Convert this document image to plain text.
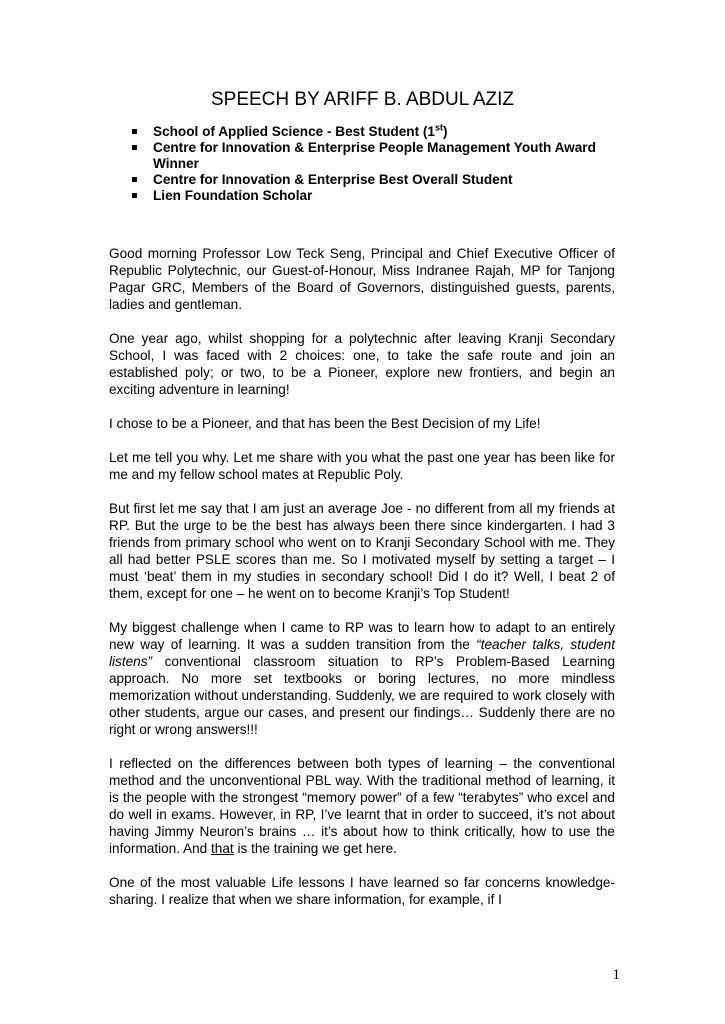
SPEECH BY ARIFF B. ABDUL AZIZ
School of Applied Science - Best Student (1st)
Centre for Innovation & Enterprise People Management Youth Award Winner
Centre for Innovation & Enterprise Best Overall Student
Lien Foundation Scholar

Good morning Professor Low Teck Seng, Principal and Chief Executive Officer of Republic Polytechnic, our Guest-of-Honour, Miss Indranee Rajah, MP for Tanjong Pagar GRC, Members of the Board of Governors, distinguished guests, parents, ladies and gentleman.

One year ago, whilst shopping for a polytechnic after leaving Kranji Secondary School, I was faced with 2 choices: one, to take the safe route and join an established poly; or two, to be a Pioneer, explore new frontiers, and begin an exciting adventure in learning!

I chose to be a Pioneer, and that has been the Best Decision of my Life!

Let me tell you why. Let me share with you what the past one year has been like for me and my fellow school mates at Republic Poly.

But first let me say that I am just an average Joe - no different from all my friends at RP. But the urge to be the best has always been there since kindergarten. I had 3 friends from primary school who went on to Kranji Secondary School with me. They all had better PSLE scores than me. So I motivated myself by setting a target – I must ‘beat’ them in my studies in secondary school! Did I do it? Well, I beat 2 of them, except for one – he went on to become Kranji’s Top Student!

My biggest challenge when I came to RP was to learn how to adapt to an entirely new way of learning. It was a sudden transition from the “teacher talks, student listens” conventional classroom situation to RP’s Problem-Based Learning approach. No more set textbooks or boring lectures, no more mindless memorization without understanding. Suddenly, we are required to work closely with other students, argue our cases, and present our findings… Suddenly there are no right or wrong answers!!!

I reflected on the differences between both types of learning – the conventional method and the unconventional PBL way. With the traditional method of learning, it is the people with the strongest “memory power” of a few “terabytes” who excel and do well in exams. However, in RP, I’ve learnt that in order to succeed, it’s not about having Jimmy Neuron’s brains … it’s about how to think critically, how to use the information. And that is the training we get here.

One of the most valuable Life lessons I have learned so far concerns knowledge-sharing. I realize that when we share information, for example, if I

1
